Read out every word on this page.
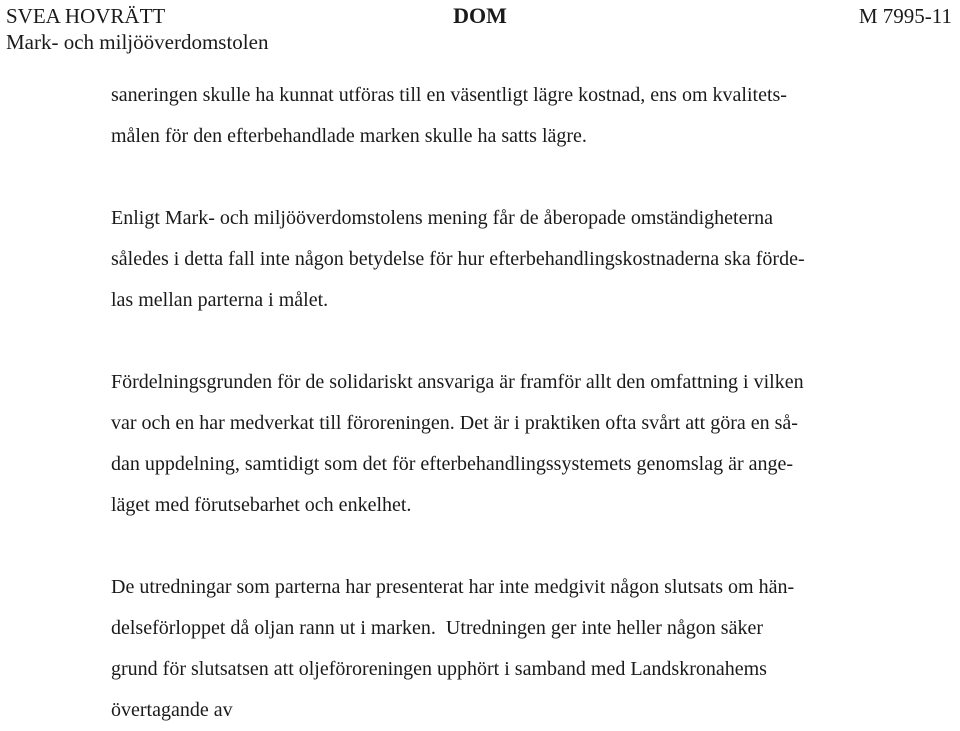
SVEA HOVRÄTT
Mark- och miljööverdomstolen
DOM	M 7995-11
saneringen skulle ha kunnat utföras till en väsentligt lägre kostnad, ens om kvalitets-
målen för den efterbehandlade marken skulle ha satts lägre.
Enligt Mark- och miljööverdomstolens mening får de åberopade omständigheterna
således i detta fall inte någon betydelse för hur efterbehandlingskostnaderna ska förde-
las mellan parterna i målet.
Fördelningsgrunden för de solidariskt ansvariga är framför allt den omfattning i vilken
var och en har medverkat till föroreningen. Det är i praktiken ofta svårt att göra en så-
dan uppdelning, samtidigt som det för efterbehandlingssystemets genomslag är ange-
läget med förutsebarhet och enkelhet.
De utredningar som parterna har presenterat har inte medgivit någon slutsats om hän-
delseförloppet då oljan rann ut i marken.  Utredningen ger inte heller någon säker
grund för slutsatsen att oljeföroreningen upphört i samband med Landskronahems
övertagande av
